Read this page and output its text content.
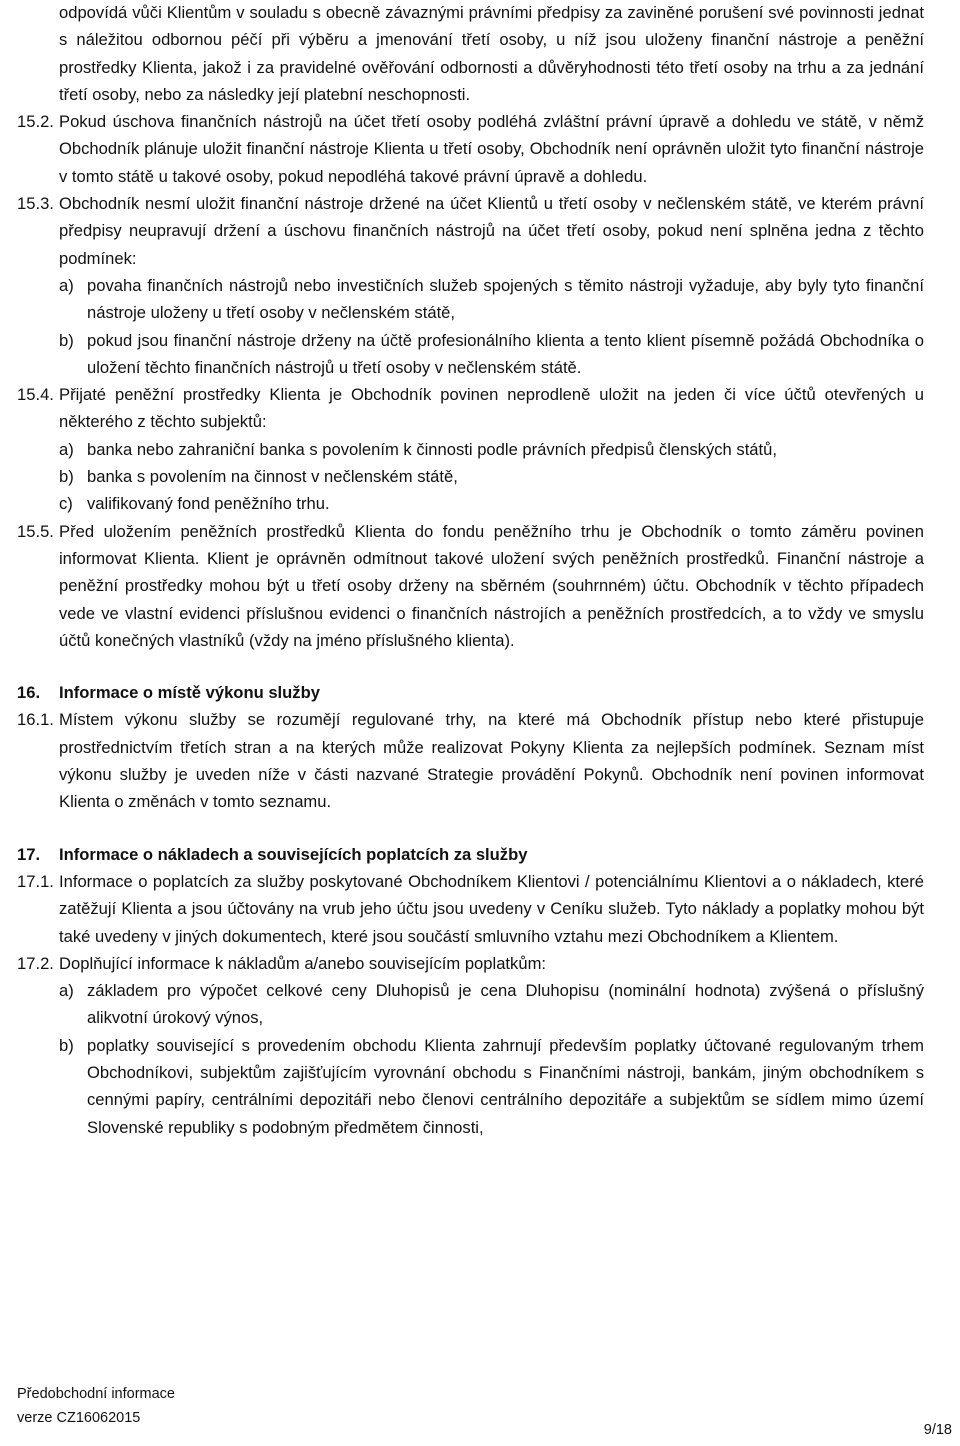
odpovídá vůči Klientům v souladu s obecně závaznými právními předpisy za zaviněné porušení své povinnosti jednat s náležitou odbornou péčí při výběru a jmenování třetí osoby, u níž jsou uloženy finanční nástroje a peněžní prostředky Klienta, jakož i za pravidelné ověřování odbornosti a důvěryhodnosti této třetí osoby na trhu a za jednání třetí osoby, nebo za následky její platební neschopnosti.

15.2. Pokud úschova finančních nástrojů na účet třetí osoby podléhá zvláštní právní úpravě a dohledu ve státě, v němž Obchodník plánuje uložit finanční nástroje Klienta u třetí osoby, Obchodník není oprávněn uložit tyto finanční nástroje v tomto státě u takové osoby, pokud nepodléhá takové právní úpravě a dohledu.
15.3. Obchodník nesmí uložit finanční nástroje držené na účet Klientů u třetí osoby v nečlenském státě, ve kterém právní předpisy neupravují držení a úschovu finančních nástrojů na účet třetí osoby, pokud není splněna jedna z těchto podmínek:
a) povaha finančních nástrojů nebo investičních služeb spojených s těmito nástroji vyžaduje, aby byly tyto finanční nástroje uloženy u třetí osoby v nečlenském státě,
b) pokud jsou finanční nástroje drženy na účtě profesionálního klienta a tento klient písemně požádá Obchodníka o uložení těchto finančních nástrojů u třetí osoby v nečlenském státě.
15.4. Přijaté peněžní prostředky Klienta je Obchodník povinen neprodleně uložit na jeden či více účtů otevřených u některého z těchto subjektů:
a) banka nebo zahraniční banka s povolením k činnosti podle právních předpisů členských států,
b) banka s povolením na činnost v nečlenském státě,
c) valifikovaný fond peněžního trhu.
15.5. Před uložením peněžních prostředků Klienta do fondu peněžního trhu je Obchodník o tomto záměru povinen informovat Klienta. Klient je oprávněn odmítnout takové uložení svých peněžních prostředků. Finanční nástroje a peněžní prostředky mohou být u třetí osoby drženy na sběrném (souhrnném) účtu. Obchodník v těchto případech vede ve vlastní evidenci příslušnou evidenci o finančních nástrojích a peněžních prostředcích, a to vždy ve smyslu účtů konečných vlastníků (vždy na jméno příslušného klienta).
16.	Informace o místě výkonu služby
16.1. Místem výkonu služby se rozumějí regulované trhy, na které má Obchodník přístup nebo které přistupuje prostřednictvím třetích stran a na kterých může realizovat Pokyny Klienta za nejlepších podmínek. Seznam míst výkonu služby je uveden níže v části nazvané Strategie provádění Pokynů. Obchodník není povinen informovat Klienta o změnách v tomto seznamu.
17.	Informace o nákladech a souvisejících poplatcích za služby
17.1. Informace o poplatcích za služby poskytované Obchodníkem Klientovi / potenciálnímu Klientovi a o nákladech, které zatěžují Klienta a jsou účtovány na vrub jeho účtu jsou uvedeny v Ceníku služeb. Tyto náklady a poplatky mohou být také uvedeny v jiných dokumentech, které jsou součástí smluvního vztahu mezi Obchodníkem a Klientem.
17.2. Doplňující informace k nákladům a/anebo souvisejícím poplatkům:
a) základem pro výpočet celkové ceny Dluhopisů je cena Dluhopisu (nominální hodnota) zvýšená o příslušný alikvotní úrokový výnos,
b) poplatky související s provedením obchodu Klienta zahrnují především poplatky účtované regulovaným trhem Obchodníkovi, subjektům zajišťujícím vyrovnání obchodu s Finančními nástroji, bankám, jiným obchodníkem s cennými papíry, centrálními depozitáři nebo členovi centrálního depozitáře a subjektům se sídlem mimo území Slovenské republiky s podobným předmětem činnosti,
Předobchodní informace
verze CZ16062015
9/18
